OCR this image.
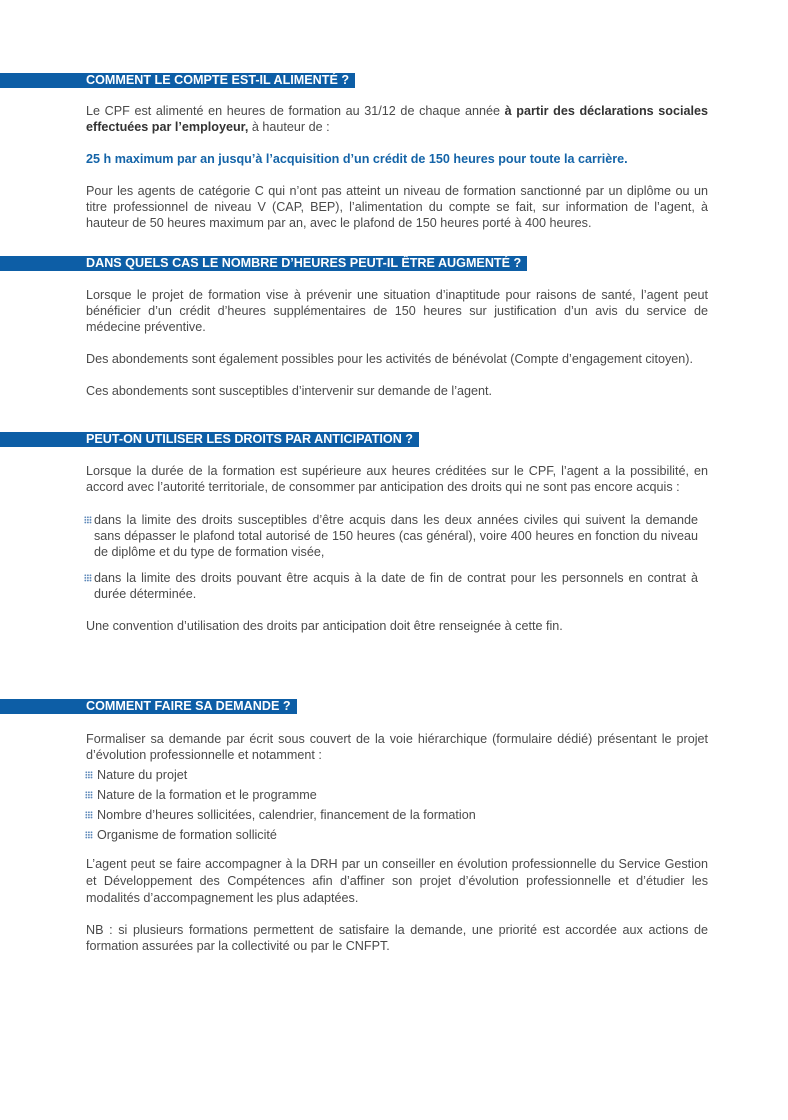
COMMENT LE COMPTE EST-IL ALIMENTÉ ?
Le CPF est alimenté en heures de formation au 31/12 de chaque année à partir des déclarations sociales effectuées par l’employeur, à hauteur de :
25 h maximum par an jusqu’à l’acquisition d’un crédit de 150 heures pour toute la carrière.
Pour les agents de catégorie C qui n’ont pas atteint un niveau de formation sanctionné par un diplôme ou un titre professionnel de niveau V (CAP, BEP), l’alimentation du compte se fait, sur information de l’agent, à hauteur de 50 heures maximum par an, avec le plafond de 150 heures porté à 400 heures.
DANS QUELS CAS LE NOMBRE D’HEURES PEUT-IL ÊTRE AUGMENTÉ ?
Lorsque le projet de formation vise à prévenir une situation d’inaptitude pour raisons de santé, l’agent peut bénéficier d’un crédit d’heures supplémentaires de 150 heures sur justification d’un avis du service de médecine préventive.
Des abondements sont également possibles pour les activités de bénévolat (Compte d’engagement citoyen).
Ces abondements sont susceptibles d’intervenir sur demande de l’agent.
PEUT-ON UTILISER LES DROITS PAR ANTICIPATION ?
Lorsque la durée de la formation est supérieure aux heures créditées sur le CPF, l’agent a la possibilité, en accord avec l’autorité territoriale, de consommer par anticipation des droits qui ne sont pas encore acquis :
dans la limite des droits susceptibles d’être acquis dans les deux années civiles qui suivent la demande sans dépasser le plafond total autorisé de 150 heures (cas général), voire 400 heures en fonction du niveau de diplôme et du type de formation visée,
dans la limite des droits pouvant être acquis à la date de fin de contrat pour les personnels en contrat à durée déterminée.
Une convention d’utilisation des droits par anticipation doit être renseignée à cette fin.
COMMENT FAIRE SA DEMANDE ?
Formaliser sa demande par écrit sous couvert de la voie hiérarchique (formulaire dédié) présentant le projet d’évolution professionnelle et notamment :
Nature du projet
Nature de la formation et le programme
Nombre d’heures sollicitées, calendrier, financement de la formation
Organisme de formation sollicité
L’agent peut se faire accompagner à la DRH par un conseiller en évolution professionnelle du Service Gestion et Développement des Compétences afin d’affiner son projet d’évolution professionnelle et d’étudier les modalités d’accompagnement les plus adaptées.
NB : si plusieurs formations permettent de satisfaire la demande, une priorité est accordée aux actions de formation assurées par la collectivité ou par le CNFPT.
